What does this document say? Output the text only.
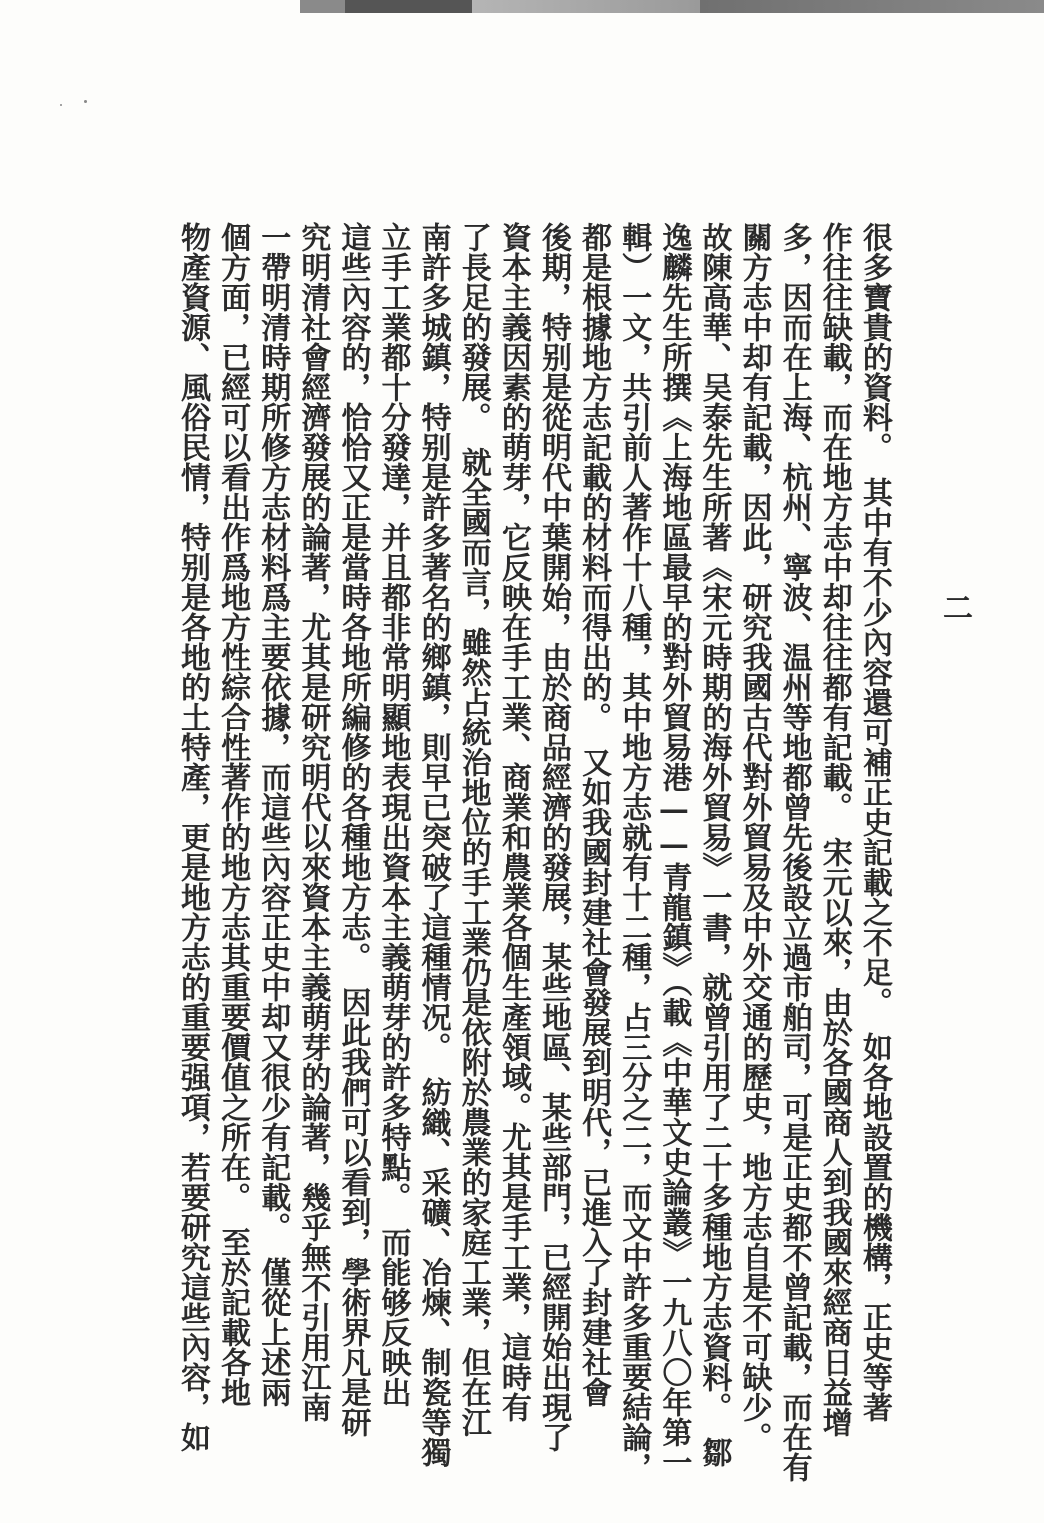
很多寶貴的資料。　其中有不少內容還可補正史記載之不足。　如各地設置的機構，正史等著
作往往缺載，而在地方志中却往往都有記載。　宋元以來，由於各國商人到我國來經商日益增
多，因而在上海、杭州、寧波、温州等地都曾先後設立過市舶司，可是正史都不曾記載，而在有
關方志中却有記載，因此，研究我國古代對外貿易及中外交通的歷史，地方志自是不可缺少。
故陳高華、吴泰先生所著《宋元時期的海外貿易》一書，就曾引用了二十多種地方志資料。　鄒
逸麟先生所撰《上海地區最早的對外貿易港——青龍鎮》（載《中華文史論叢》一九八〇年第一
輯）一文，共引前人著作十八種，其中地方志就有十二種，占三分之二，而文中許多重要結論，
都是根據地方志記載的材料而得出的。　又如我國封建社會發展到明代，已進入了封建社會
後期，特别是從明代中葉開始，由於商品經濟的發展，某些地區、某些部門，已經開始出現了
資本主義因素的萌芽，它反映在手工業、商業和農業各個生產領域。尤其是手工業，這時有
了長足的發展。　就全國而言，雖然占統治地位的手工業仍是依附於農業的家庭工業，但在江
南許多城鎮，特别是許多著名的鄉鎮，則早已突破了這種情况。　紡織、采礦、冶煉、制瓷等獨
立手工業都十分發達，并且都非常明顯地表現出資本主義萌芽的許多特點。　而能够反映出
這些內容的，恰恰又正是當時各地所編修的各種地方志。　因此我們可以看到，學術界凡是研
究明清社會經濟發展的論著，尤其是研究明代以來資本主義萌芽的論著，幾乎無不引用江南
一帶明清時期所修方志材料爲主要依據，而這些內容正史中却又很少有記載。　僅從上述兩
個方面，已經可以看出作爲地方性綜合性著作的地方志其重要價值之所在。　至於記載各地
物產資源、風俗民情，特别是各地的土特產，更是地方志的重要强項，若要研究這些內容，如	二
